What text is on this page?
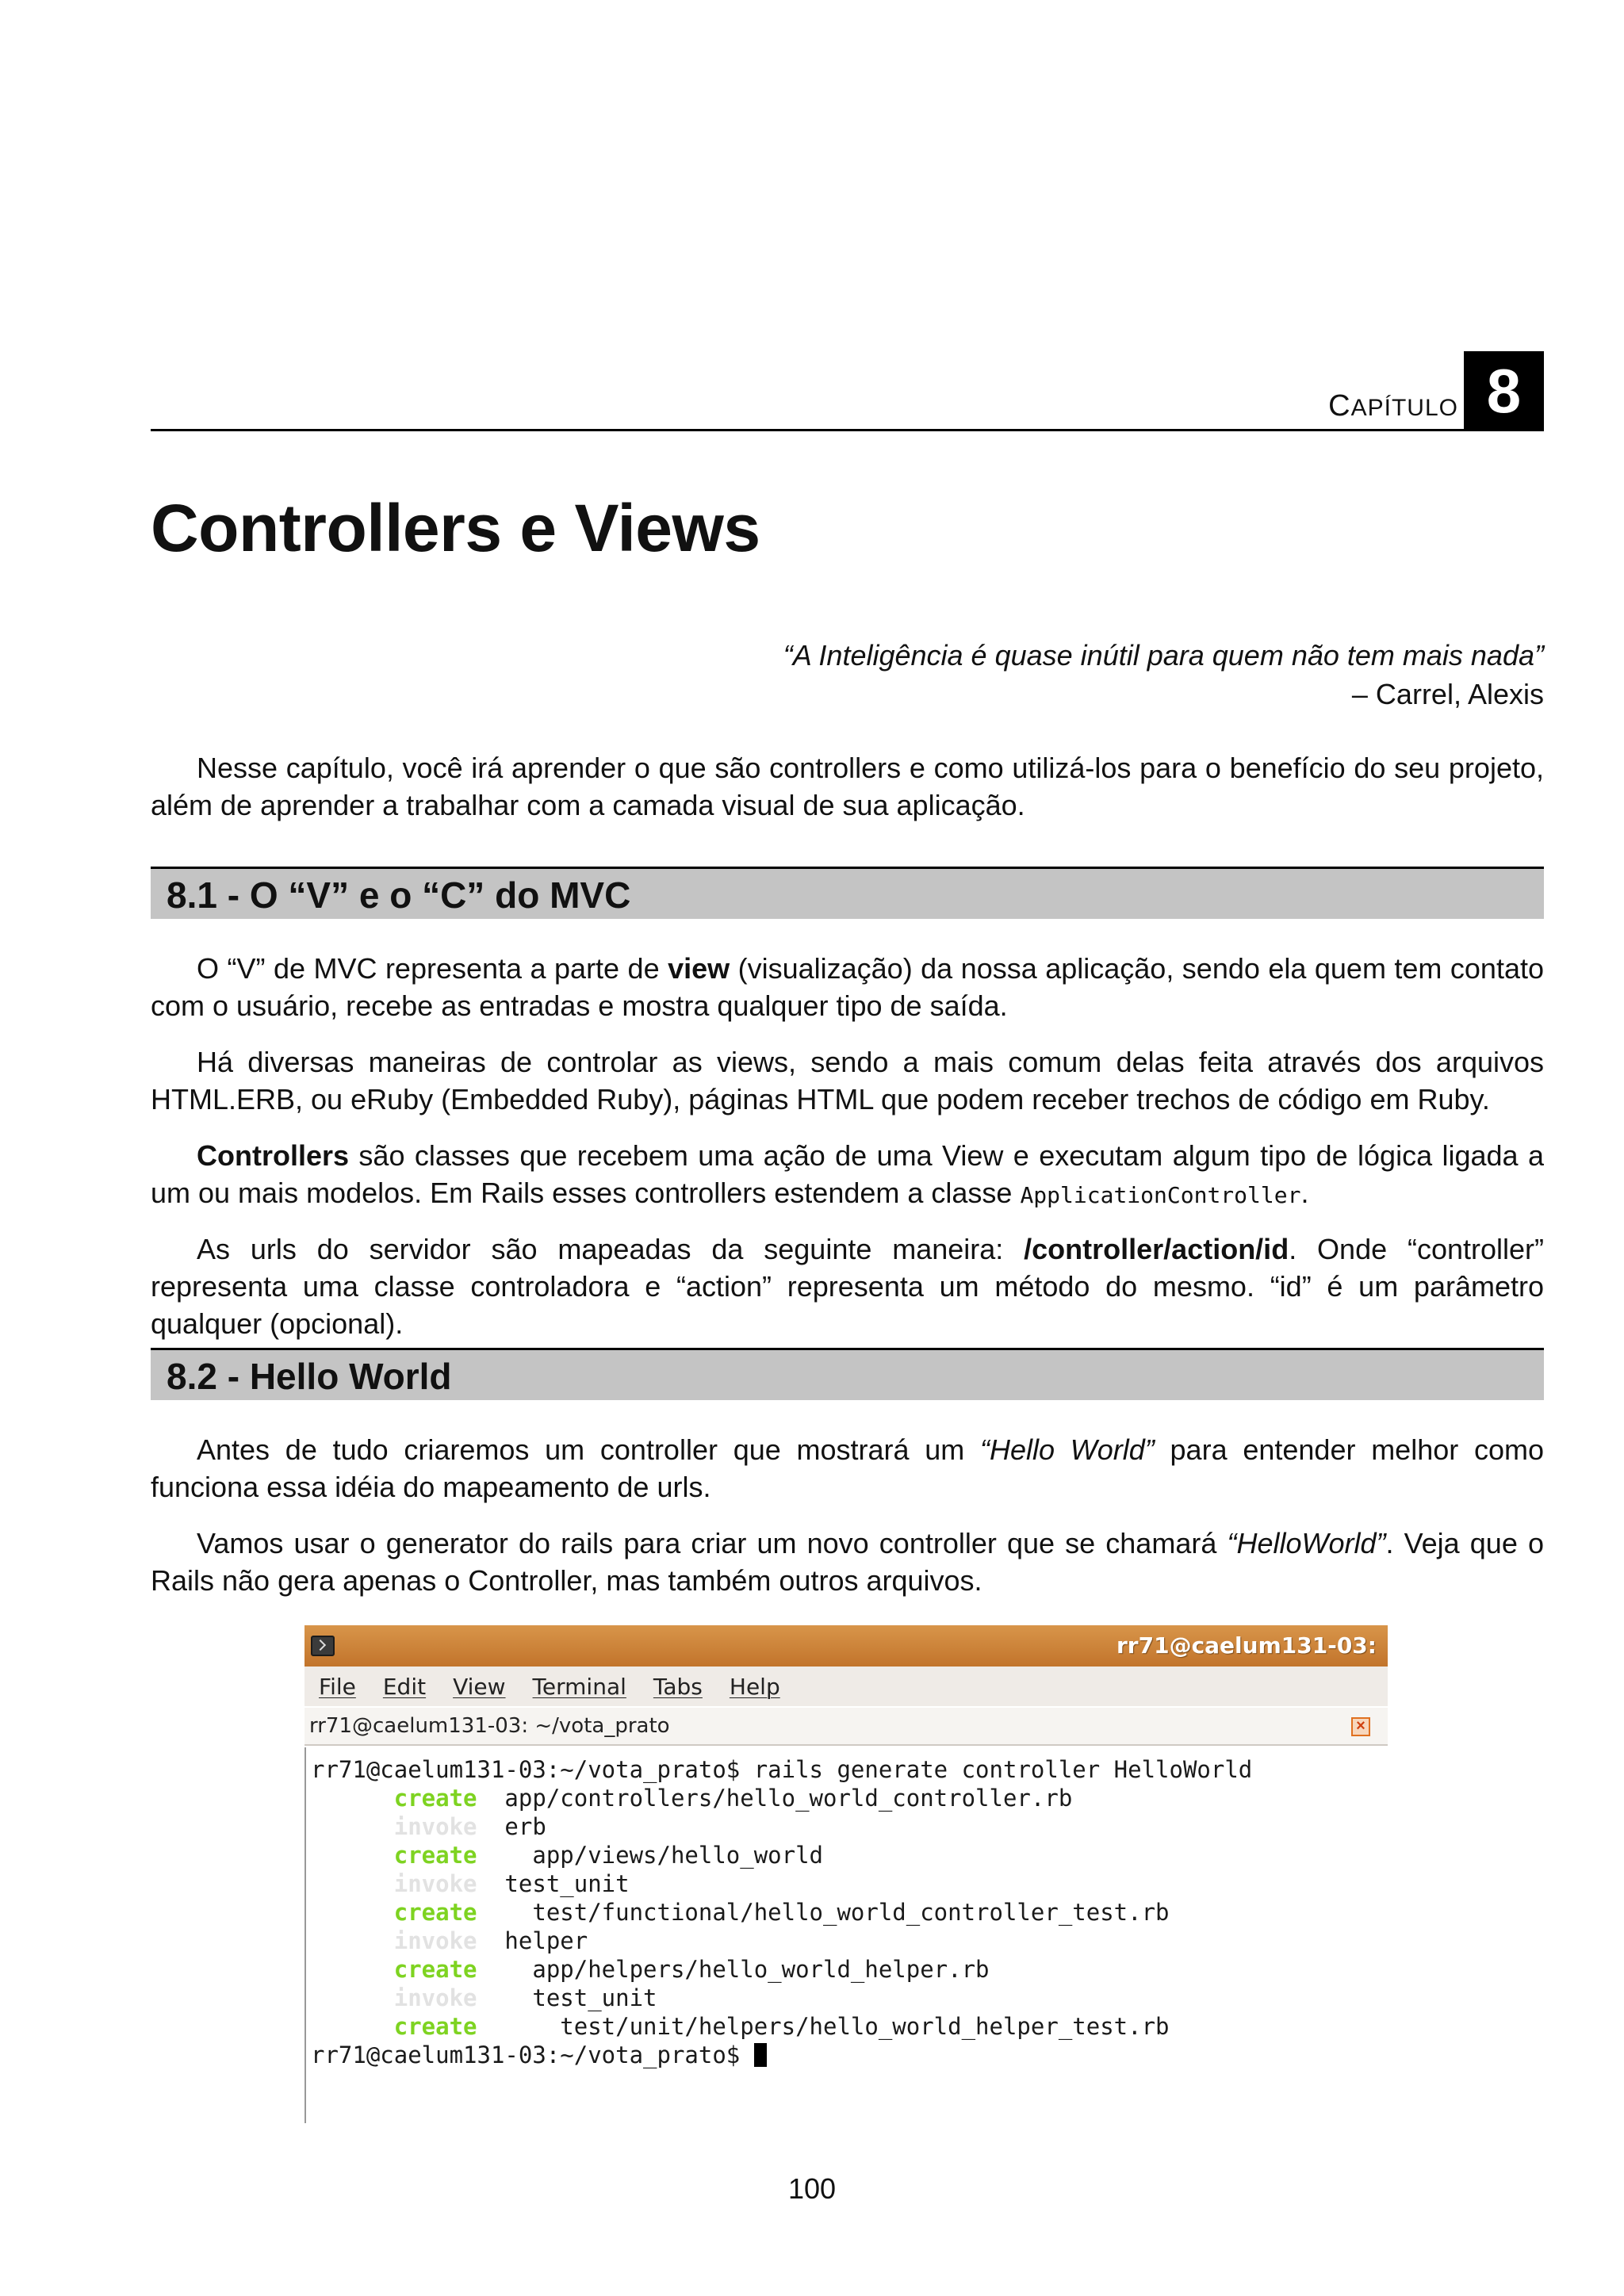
CAPÍTULO 8
Controllers e Views
“A Inteligência é quase inútil para quem não tem mais nada”
– Carrel, Alexis

Nesse capítulo, você irá aprender o que são controllers e como utilizá-los para o benefício do seu projeto, além de aprender a trabalhar com a camada visual de sua aplicação.

8.1 - O “V” e o “C” do MVC

O “V” de MVC representa a parte de view (visualização) da nossa aplicação, sendo ela quem tem contato com o usuário, recebe as entradas e mostra qualquer tipo de saída.

Há diversas maneiras de controlar as views, sendo a mais comum delas feita através dos arquivos HTML.ERB, ou eRuby (Embedded Ruby), páginas HTML que podem receber trechos de código em Ruby.

Controllers são classes que recebem uma ação de uma View e executam algum tipo de lógica ligada a um ou mais modelos. Em Rails esses controllers estendem a classe ApplicationController.

As urls do servidor são mapeadas da seguinte maneira: /controller/action/id. Onde “controller” representa uma classe controladora e “action” representa um método do mesmo. “id” é um parâmetro qualquer (opcional).

8.2 - Hello World

Antes de tudo criaremos um controller que mostrará um “Hello World” para entender melhor como funciona essa idéia do mapeamento de urls.

Vamos usar o generator do rails para criar um novo controller que se chamará “HelloWorld”. Veja que o Rails não gera apenas o Controller, mas também outros arquivos.

rr71@caelum131-03:
File Edit View Terminal Tabs Help
rr71@caelum131-03: ~/vota_prato	×
rr71@caelum131-03:~/vota_prato$ rails generate controller HelloWorld
create  app/controllers/hello_world_controller.rb
invoke  erb
create    app/views/hello_world
invoke  test_unit
create    test/functional/hello_world_controller_test.rb
invoke  helper
create    app/helpers/hello_world_helper.rb
invoke    test_unit
create      test/unit/helpers/hello_world_helper_test.rb
rr71@caelum131-03:~/vota_prato$
100
